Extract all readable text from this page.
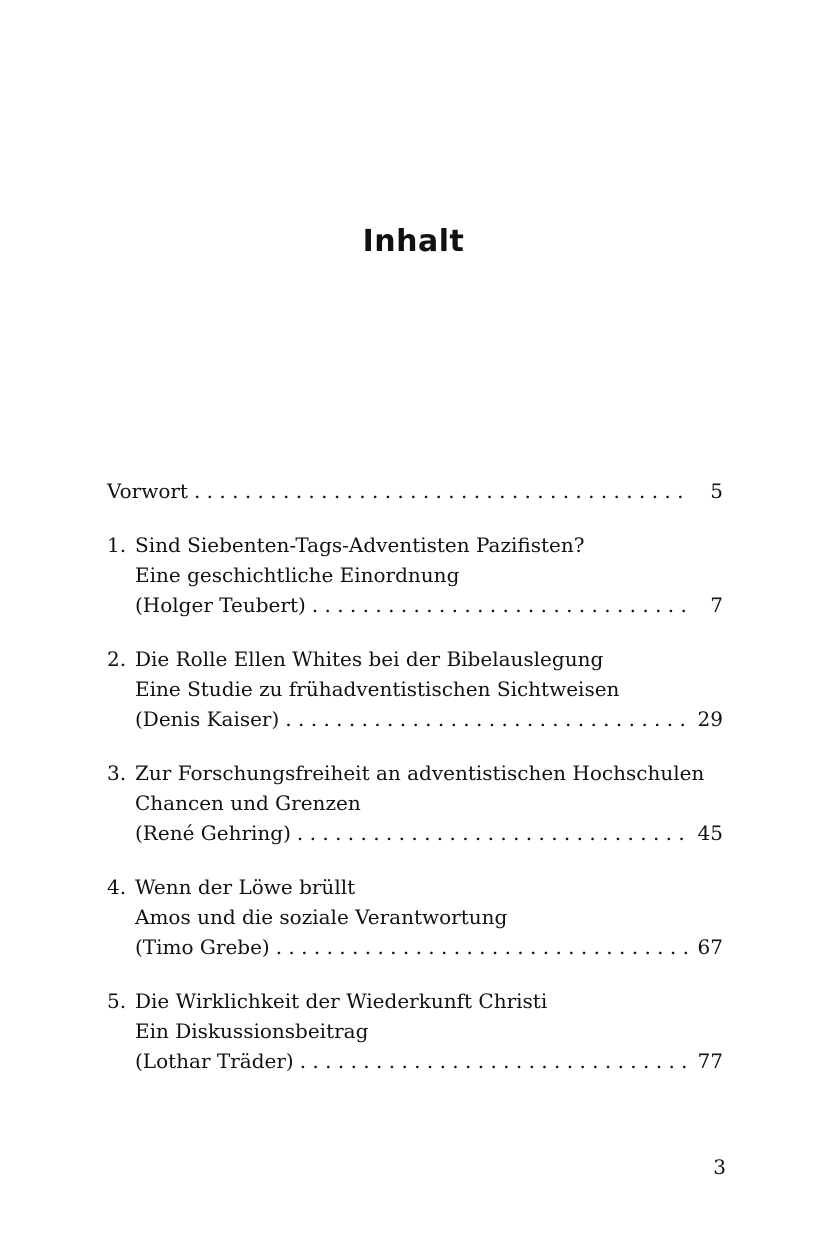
Inhalt
Vorwort . . .	5
1. Sind Siebenten-Tags-Adventisten Pazifisten?
Eine geschichtliche Einordnung
(Holger Teubert) . . .	7
2. Die Rolle Ellen Whites bei der Bibelauslegung
Eine Studie zu frühadventistischen Sichtweisen
(Denis Kaiser) . . .	29
3. Zur Forschungsfreiheit an adventistischen Hochschulen
Chancen und Grenzen
(René Gehring) . . .	45
4. Wenn der Löwe brüllt
Amos und die soziale Verantwortung
(Timo Grebe) . . .	67
5. Die Wirklichkeit der Wiederkunft Christi
Ein Diskussionsbeitrag
(Lothar Träder) . . .	77
3
